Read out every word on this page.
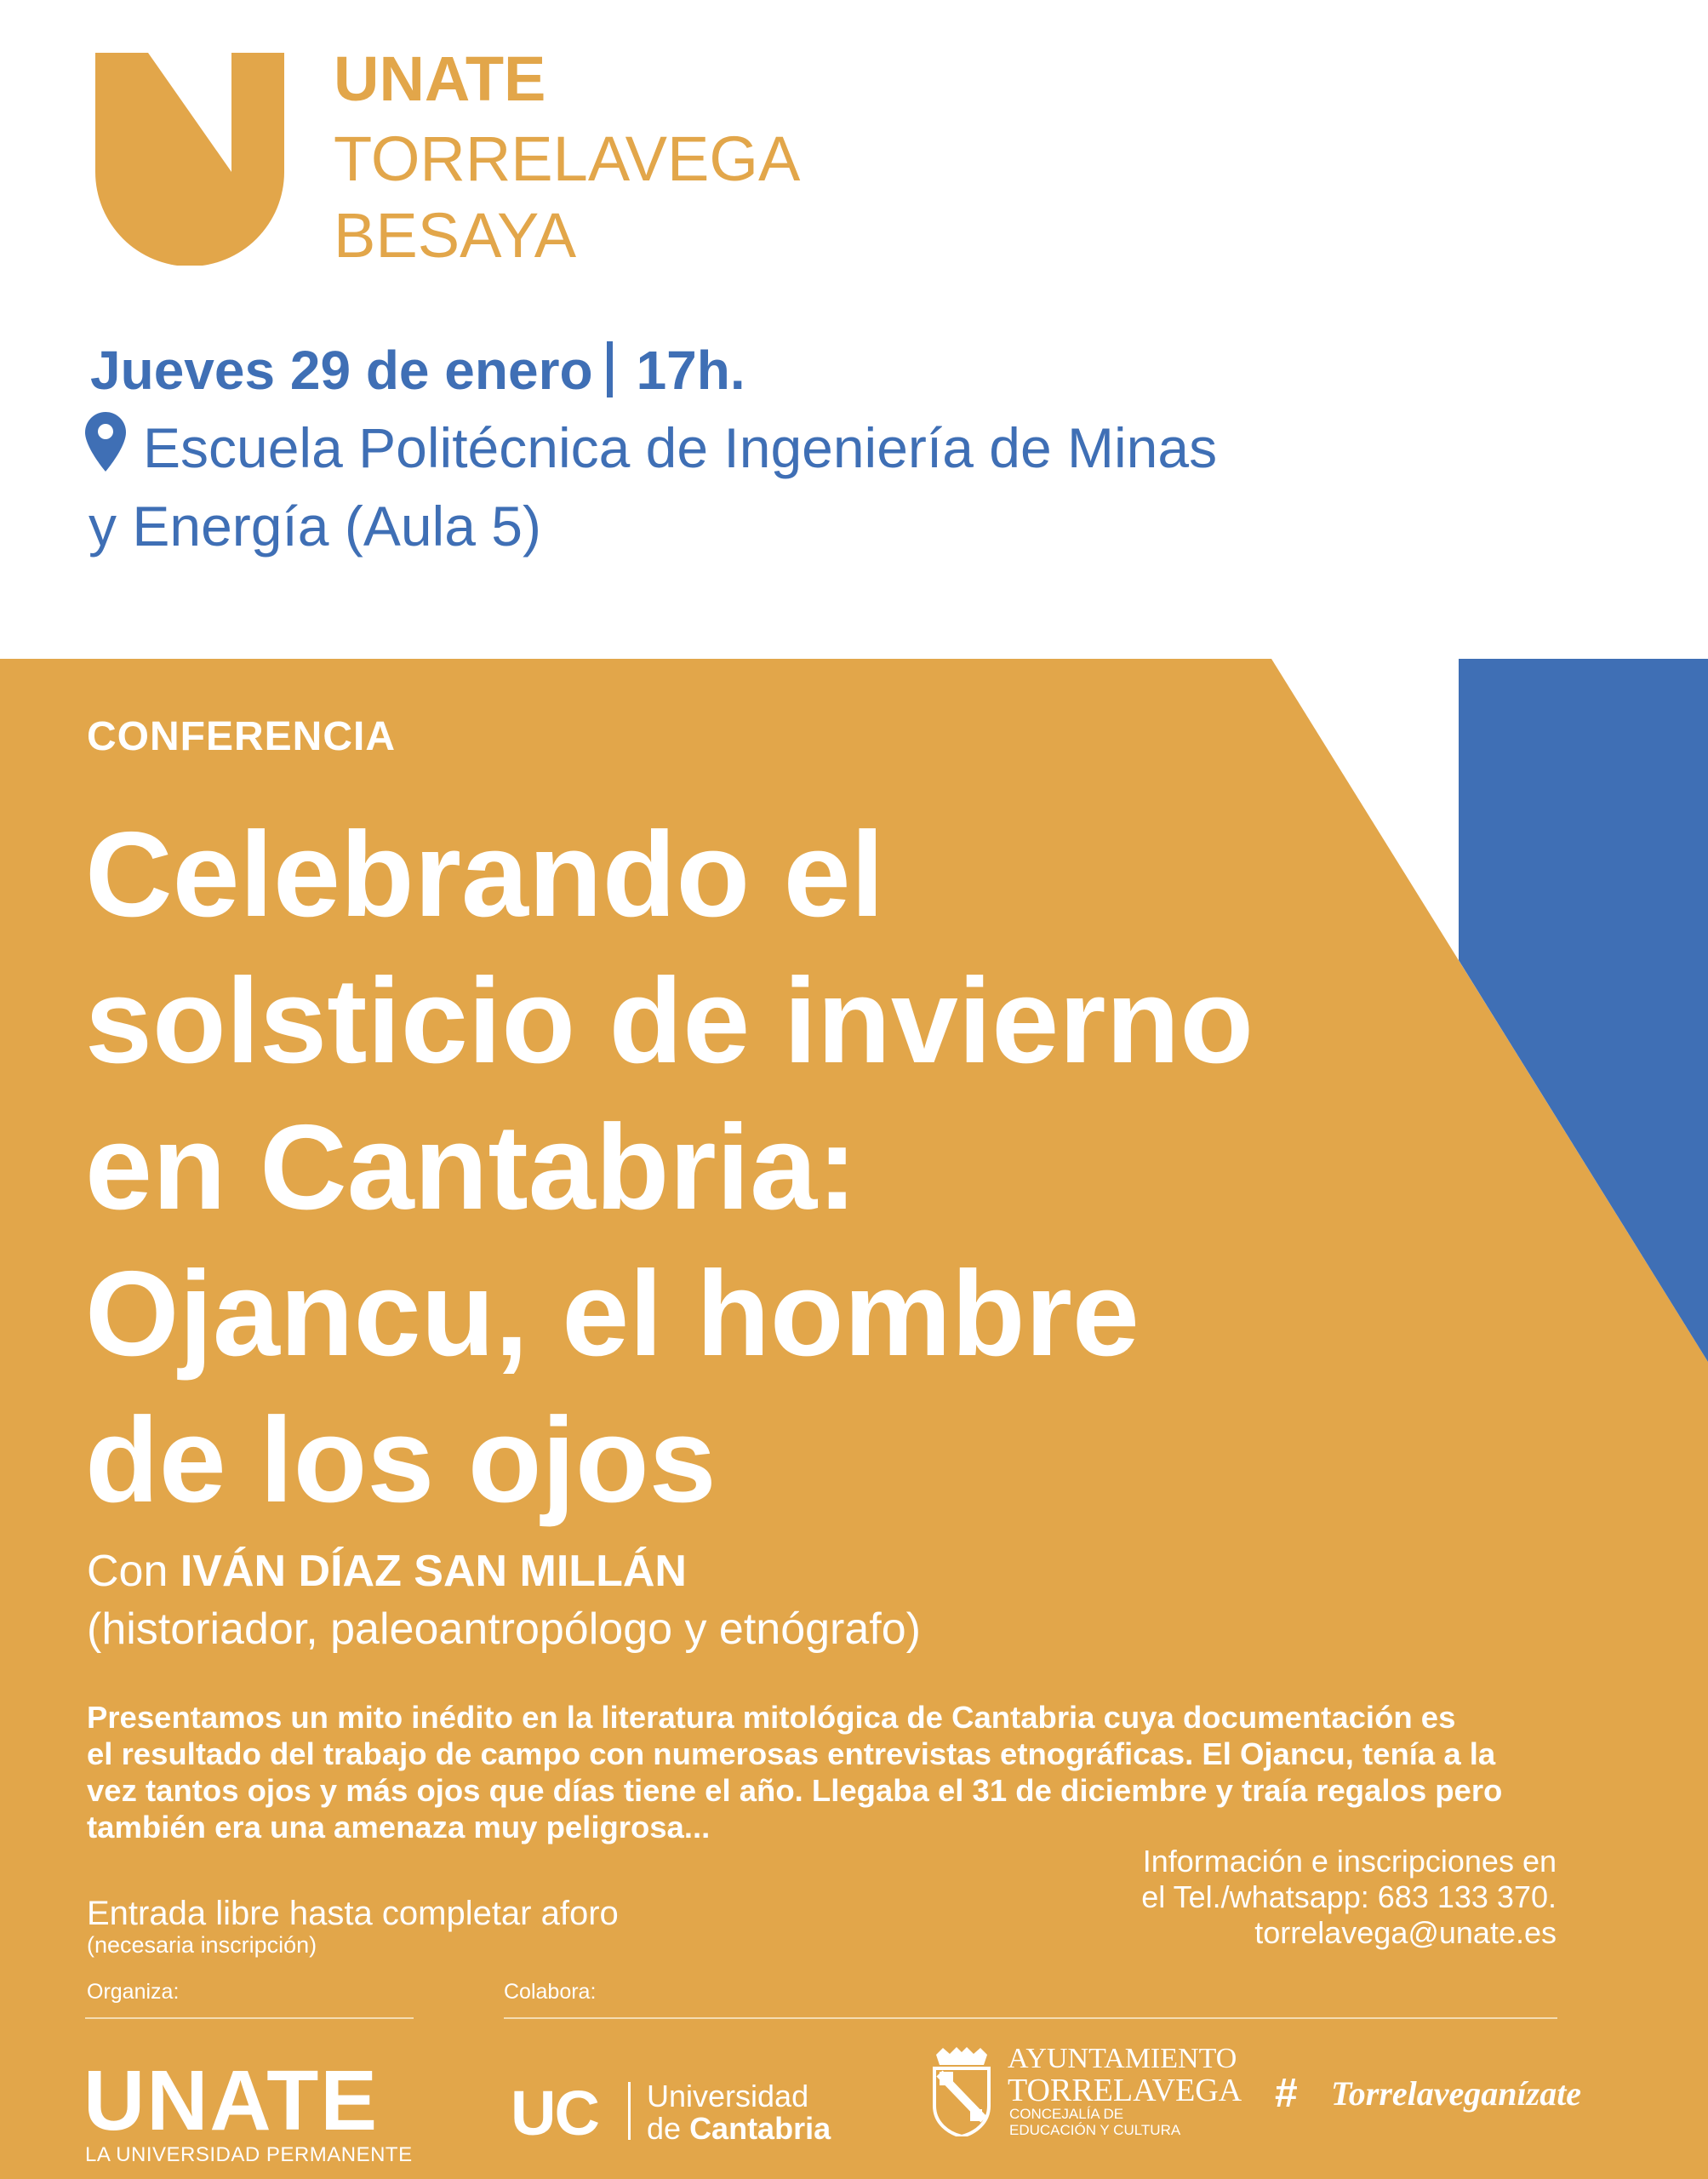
UNATE
TORRELAVEGA
BESAYA
Jueves 29 de enero 17h.
Escuela Politécnica de Ingeniería de Minas
y Energía (Aula 5)
CONFERENCIA
Celebrando el
solsticio de invierno
en Cantabria:
Ojancu, el hombre
de los ojos
Con IVÁN DÍAZ SAN MILLÁN
(historiador, paleoantropólogo y etnógrafo)
Presentamos un mito inédito en la literatura mitológica de Cantabria cuya documentación es
el resultado del trabajo de campo con numerosas entrevistas etnográficas. El Ojancu, tenía a la
vez tantos ojos y más ojos que días tiene el año. Llegaba el 31 de diciembre y traía regalos pero
también era una amenaza muy peligrosa...
Información e inscripciones en
el Tel./whatsapp: 683 133 370.
torrelavega@unate.es
Entrada libre hasta completar aforo
(necesaria inscripción)
Organiza:	Colabora:
UNATE
LA UNIVERSIDAD PERMANENTE
UC Universidad
de Cantabria
AYUNTAMIENTO
TORRELAVEGA
CONCEJALÍA DE
EDUCACIÓN Y CULTURA
# Torrelaveganízate
